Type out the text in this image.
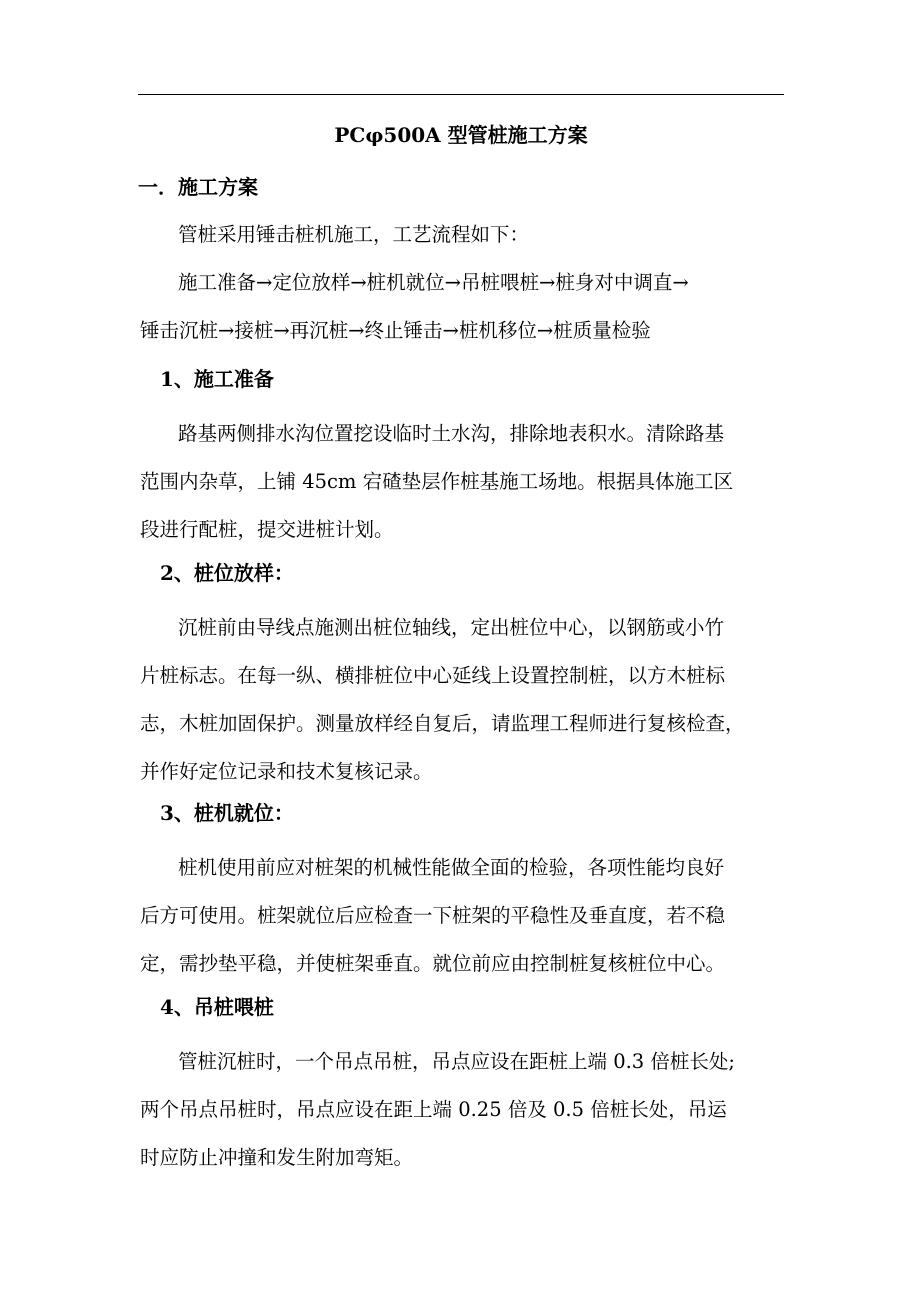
PCφ500A 型管桩施工方案
一．施工方案
管桩采用锤击桩机施工，工艺流程如下：
施工准备→定位放样→桩机就位→吊桩喂桩→桩身对中调直→
锤击沉桩→接桩→再沉桩→终止锤击→桩机移位→桩质量检验
1、施工准备
路基两侧排水沟位置挖设临时土水沟，排除地表积水。清除路基
范围内杂草，上铺 45cm 宕碴垫层作桩基施工场地。根据具体施工区
段进行配桩，提交进桩计划。
2、桩位放样：
沉桩前由导线点施测出桩位轴线，定出桩位中心，以钢筋或小竹
片桩标志。在每一纵、横排桩位中心延线上设置控制桩，以方木桩标
志，木桩加固保护。测量放样经自复后，请监理工程师进行复核检查，
并作好定位记录和技术复核记录。
3、桩机就位：
桩机使用前应对桩架的机械性能做全面的检验，各项性能均良好
后方可使用。桩架就位后应检查一下桩架的平稳性及垂直度，若不稳
定，需抄垫平稳，并使桩架垂直。就位前应由控制桩复核桩位中心。
4、吊桩喂桩
管桩沉桩时，一个吊点吊桩，吊点应设在距桩上端 0.3 倍桩长处;
两个吊点吊桩时，吊点应设在距上端 0.25 倍及 0.5 倍桩长处，吊运
时应防止冲撞和发生附加弯矩。
